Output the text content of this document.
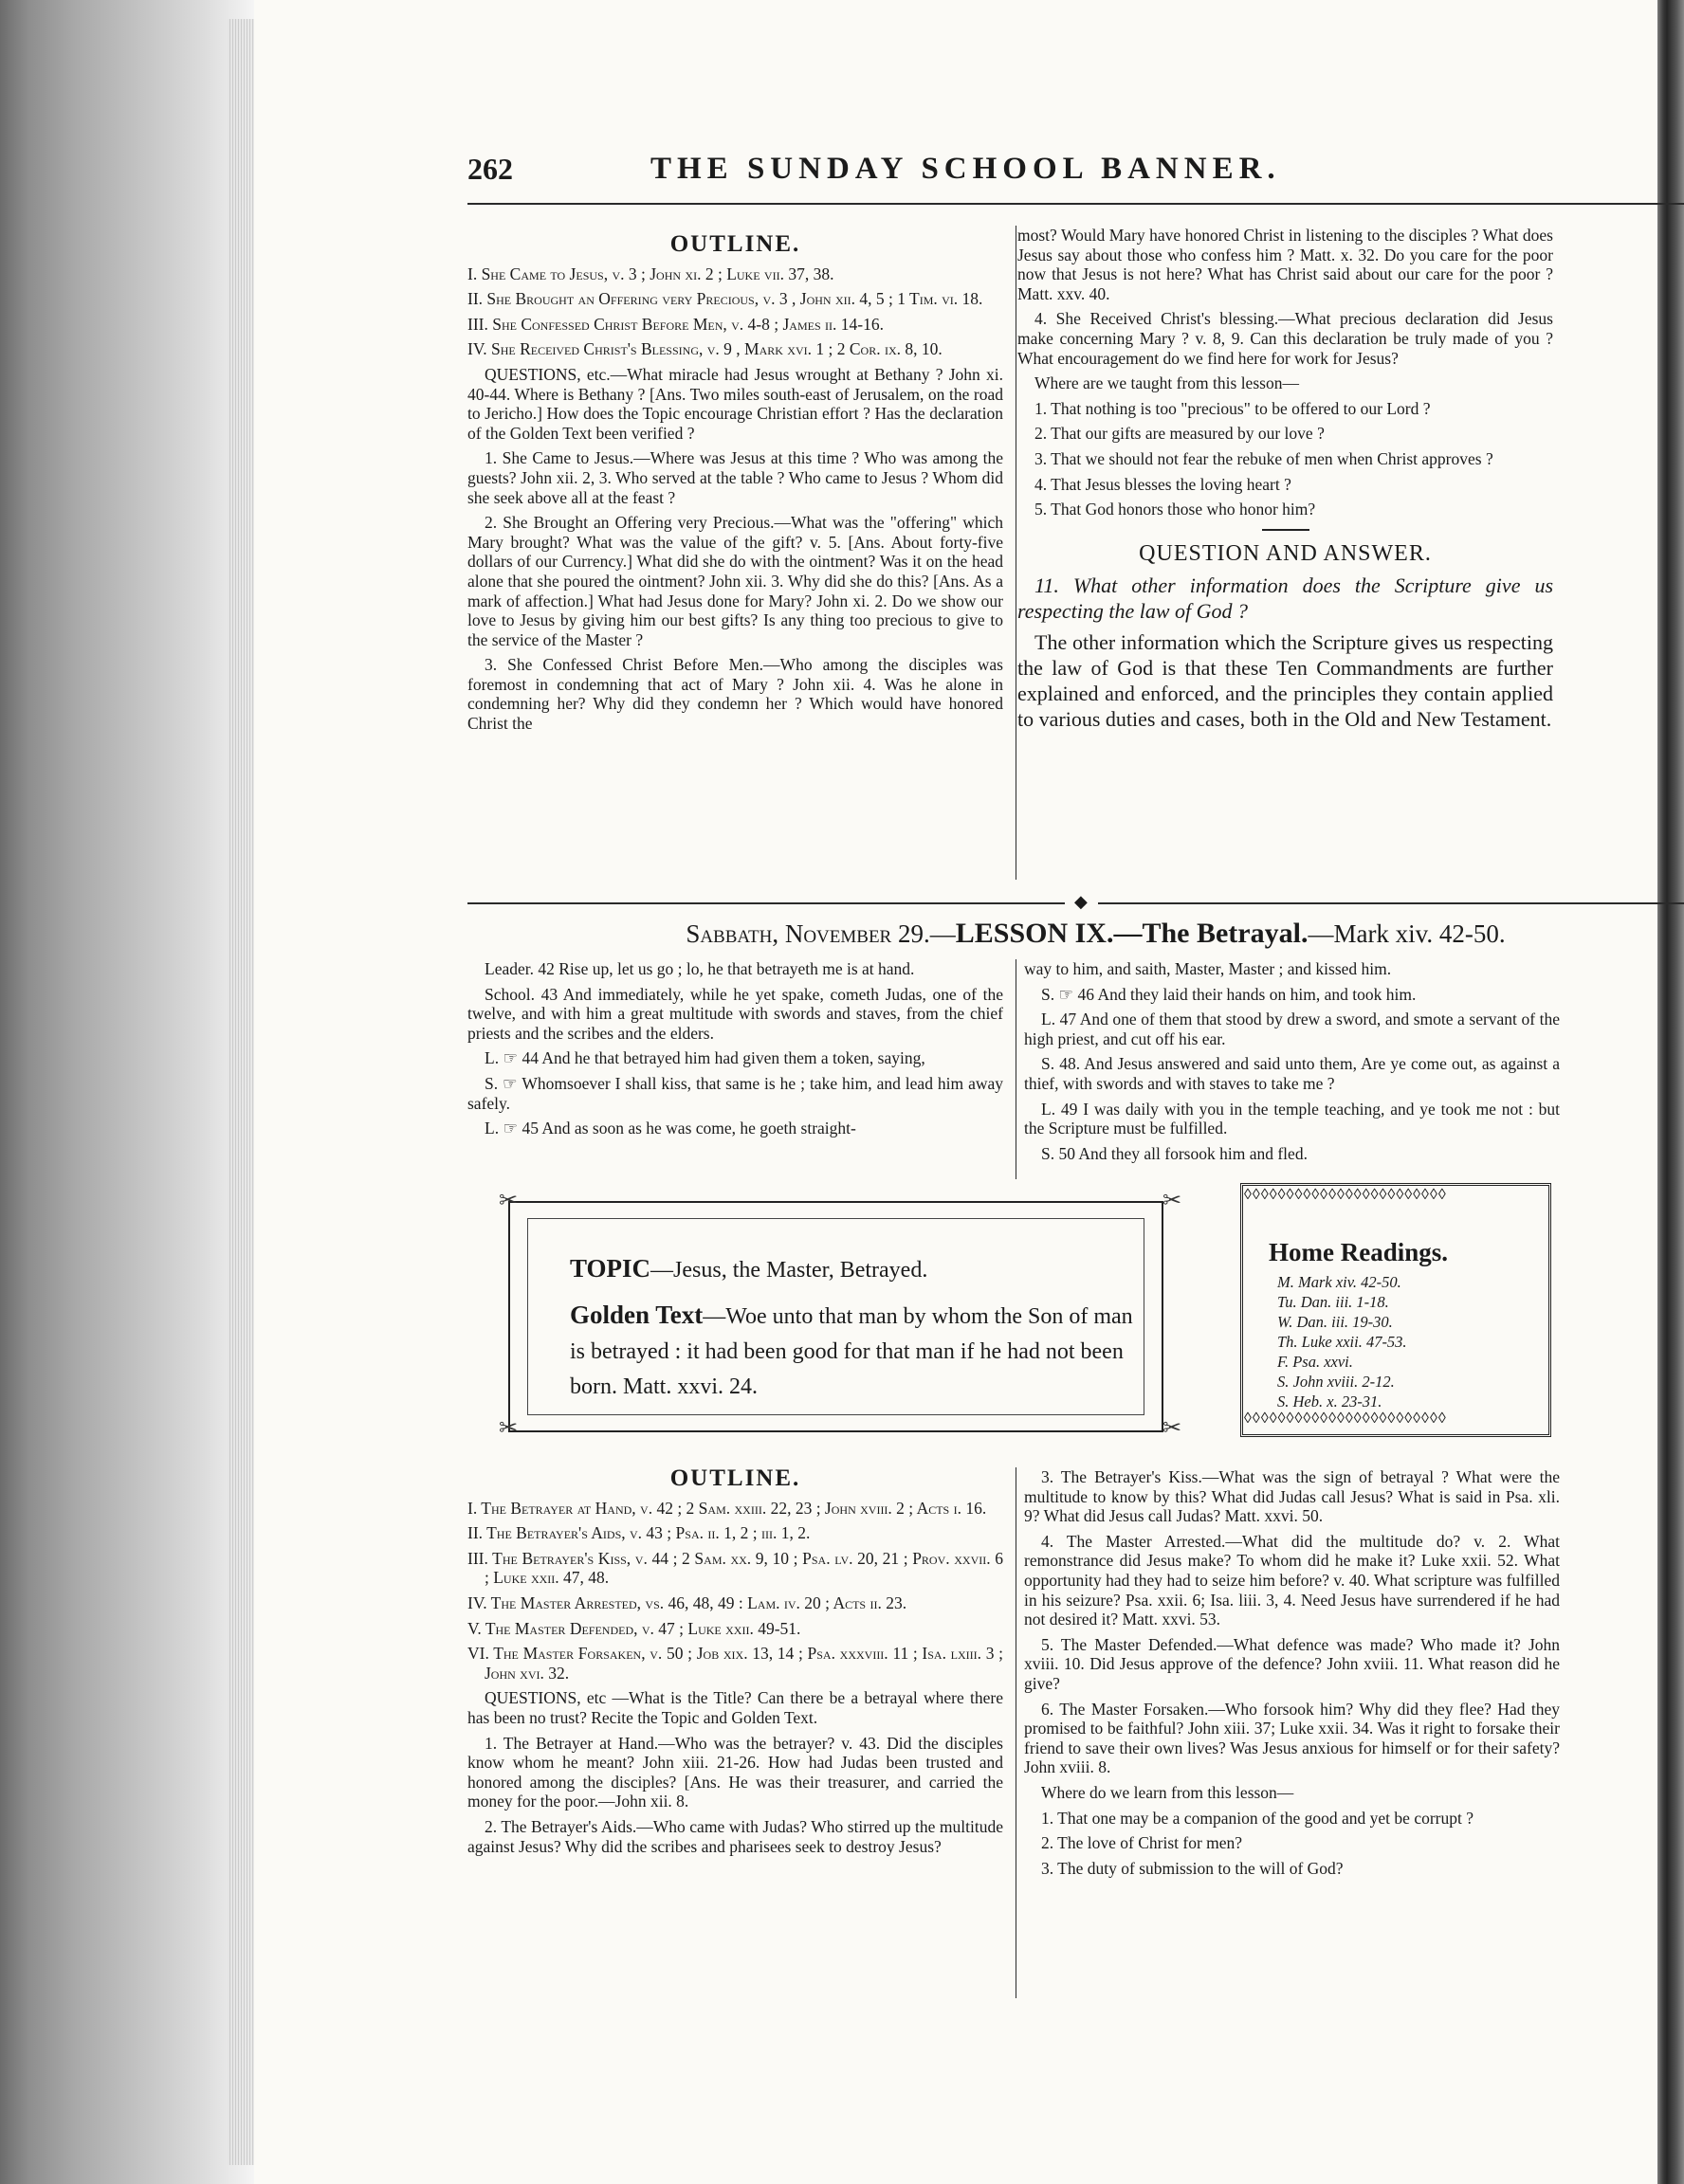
262	THE SUNDAY SCHOOL BANNER.
OUTLINE.

I. She Came to Jesus, v. 3 ; John xi. 2 ; Luke vii. 37, 38.

II. She Brought an Offering very Precious, v. 3 , John xii. 4, 5 ; 1 Tim. vi. 18.

III. She Confessed Christ Before Men, v. 4-8 ; James ii. 14-16.

IV. She Received Christ's Blessing, v. 9 , Mark xvi. 1 ; 2 Cor. ix. 8, 10.

QUESTIONS, etc.—What miracle had Jesus wrought at Bethany ? John xi. 40-44. Where is Bethany ? [Ans. Two miles south-east of Jerusalem, on the road to Jericho.] How does the Topic encourage Christian effort ? Has the declaration of the Golden Text been verified ?

1. She Came to Jesus.—Where was Jesus at this time ? Who was among the guests? John xii. 2, 3. Who served at the table ? Who came to Jesus ? Whom did she seek above all at the feast ?

2. She Brought an Offering very Precious.—What was the "offering" which Mary brought? What was the value of the gift? v. 5. [Ans. About forty-five dollars of our Currency.] What did she do with the ointment? Was it on the head alone that she poured the ointment? John xii. 3. Why did she do this? [Ans. As a mark of affection.] What had Jesus done for Mary? John xi. 2. Do we show our love to Jesus by giving him our best gifts? Is any thing too precious to give to the service of the Master ?

3. She Confessed Christ Before Men.—Who among the disciples was foremost in condemning that act of Mary ? John xii. 4. Was he alone in condemning her? Why did they condemn her ? Which would have honored Christ the

most? Would Mary have honored Christ in listening to the disciples ? What does Jesus say about those who confess him ? Matt. x. 32. Do you care for the poor now that Jesus is not here? What has Christ said about our care for the poor ? Matt. xxv. 40.

4. She Received Christ's blessing.—What precious declaration did Jesus make concerning Mary ? v. 8, 9. Can this declaration be truly made of you ? What encouragement do we find here for work for Jesus?

Where are we taught from this lesson—

1. That nothing is too "precious" to be offered to our Lord ?

2. That our gifts are measured by our love ?

3. That we should not fear the rebuke of men when Christ approves ?

4. That Jesus blesses the loving heart ?

5. That God honors those who honor him?

QUESTION AND ANSWER.

11. What other information does the Scripture give us respecting the law of God ?

The other information which the Scripture gives us respecting the law of God is that these Ten Commandments are further explained and enforced, and the principles they contain applied to various duties and cases, both in the Old and New Testament.

◆
Sabbath, November 29.—LESSON IX.—The Betrayal.—Mark xiv. 42-50.

Leader. 42 Rise up, let us go ; lo, he that betrayeth me is at hand.

School. 43 And immediately, while he yet spake, cometh Judas, one of the twelve, and with him a great multitude with swords and staves, from the chief priests and the scribes and the elders.

L. ☞ 44 And he that betrayed him had given them a token, saying,

S. ☞ Whomsoever I shall kiss, that same is he ; take him, and lead him away safely.

L. ☞ 45 And as soon as he was come, he goeth straight-

way to him, and saith, Master, Master ; and kissed him.

S. ☞ 46 And they laid their hands on him, and took him.

L. 47 And one of them that stood by drew a sword, and smote a servant of the high priest, and cut off his ear.

S. 48. And Jesus answered and said unto them, Are ye come out, as against a thief, with swords and with staves to take me ?

L. 49 I was daily with you in the temple teaching, and ye took me not : but the Scripture must be fulfilled.

S. 50 And they all forsook him and fled.

✂	✂
✂	✂
TOPIC—Jesus, the Master, Betrayed.
Golden Text—Woe unto that man by whom the Son of man is betrayed : it had been good for that man if he had not been born. Matt. xxvi. 24.
◊◊◊◊◊◊◊◊◊◊◊◊◊◊◊◊◊◊◊◊◊◊◊◊
◊◊◊◊◊◊◊◊◊◊◊◊◊◊◊◊◊◊◊◊◊◊◊◊
Home Readings.
M. Mark xiv. 42-50.
Tu. Dan. iii. 1-18.
W. Dan. iii. 19-30.
Th. Luke xxii. 47-53.
F. Psa. xxvi.
S. John xviii. 2-12.
S. Heb. x. 23-31.
OUTLINE.

I. The Betrayer at Hand, v. 42 ; 2 Sam. xxiii. 22, 23 ; John xviii. 2 ; Acts i. 16.

II. The Betrayer's Aids, v. 43 ; Psa. ii. 1, 2 ; iii. 1, 2.

III. The Betrayer's Kiss, v. 44 ; 2 Sam. xx. 9, 10 ; Psa. lv. 20, 21 ; Prov. xxvii. 6 ; Luke xxii. 47, 48.

IV. The Master Arrested, vs. 46, 48, 49 : Lam. iv. 20 ; Acts ii. 23.

V. The Master Defended, v. 47 ; Luke xxii. 49-51.

VI. The Master Forsaken, v. 50 ; Job xix. 13, 14 ; Psa. xxxviii. 11 ; Isa. lxiii. 3 ; John xvi. 32.

QUESTIONS, etc —What is the Title? Can there be a betrayal where there has been no trust? Recite the Topic and Golden Text.

1. The Betrayer at Hand.—Who was the betrayer? v. 43. Did the disciples know whom he meant? John xiii. 21-26. How had Judas been trusted and honored among the disciples? [Ans. He was their treasurer, and carried the money for the poor.—John xii. 8.

2. The Betrayer's Aids.—Who came with Judas? Who stirred up the multitude against Jesus? Why did the scribes and pharisees seek to destroy Jesus?

3. The Betrayer's Kiss.—What was the sign of betrayal ? What were the multitude to know by this? What did Judas call Jesus? What is said in Psa. xli. 9? What did Jesus call Judas? Matt. xxvi. 50.

4. The Master Arrested.—What did the multitude do? v. 2. What remonstrance did Jesus make? To whom did he make it? Luke xxii. 52. What opportunity had they had to seize him before? v. 40. What scripture was fulfilled in his seizure? Psa. xxii. 6; Isa. liii. 3, 4. Need Jesus have surrendered if he had not desired it? Matt. xxvi. 53.

5. The Master Defended.—What defence was made? Who made it? John xviii. 10. Did Jesus approve of the defence? John xviii. 11. What reason did he give?

6. The Master Forsaken.—Who forsook him? Why did they flee? Had they promised to be faithful? John xiii. 37; Luke xxii. 34. Was it right to forsake their friend to save their own lives? Was Jesus anxious for himself or for their safety? John xviii. 8.

Where do we learn from this lesson—

1. That one may be a companion of the good and yet be corrupt ?

2. The love of Christ for men?

3. The duty of submission to the will of God?
